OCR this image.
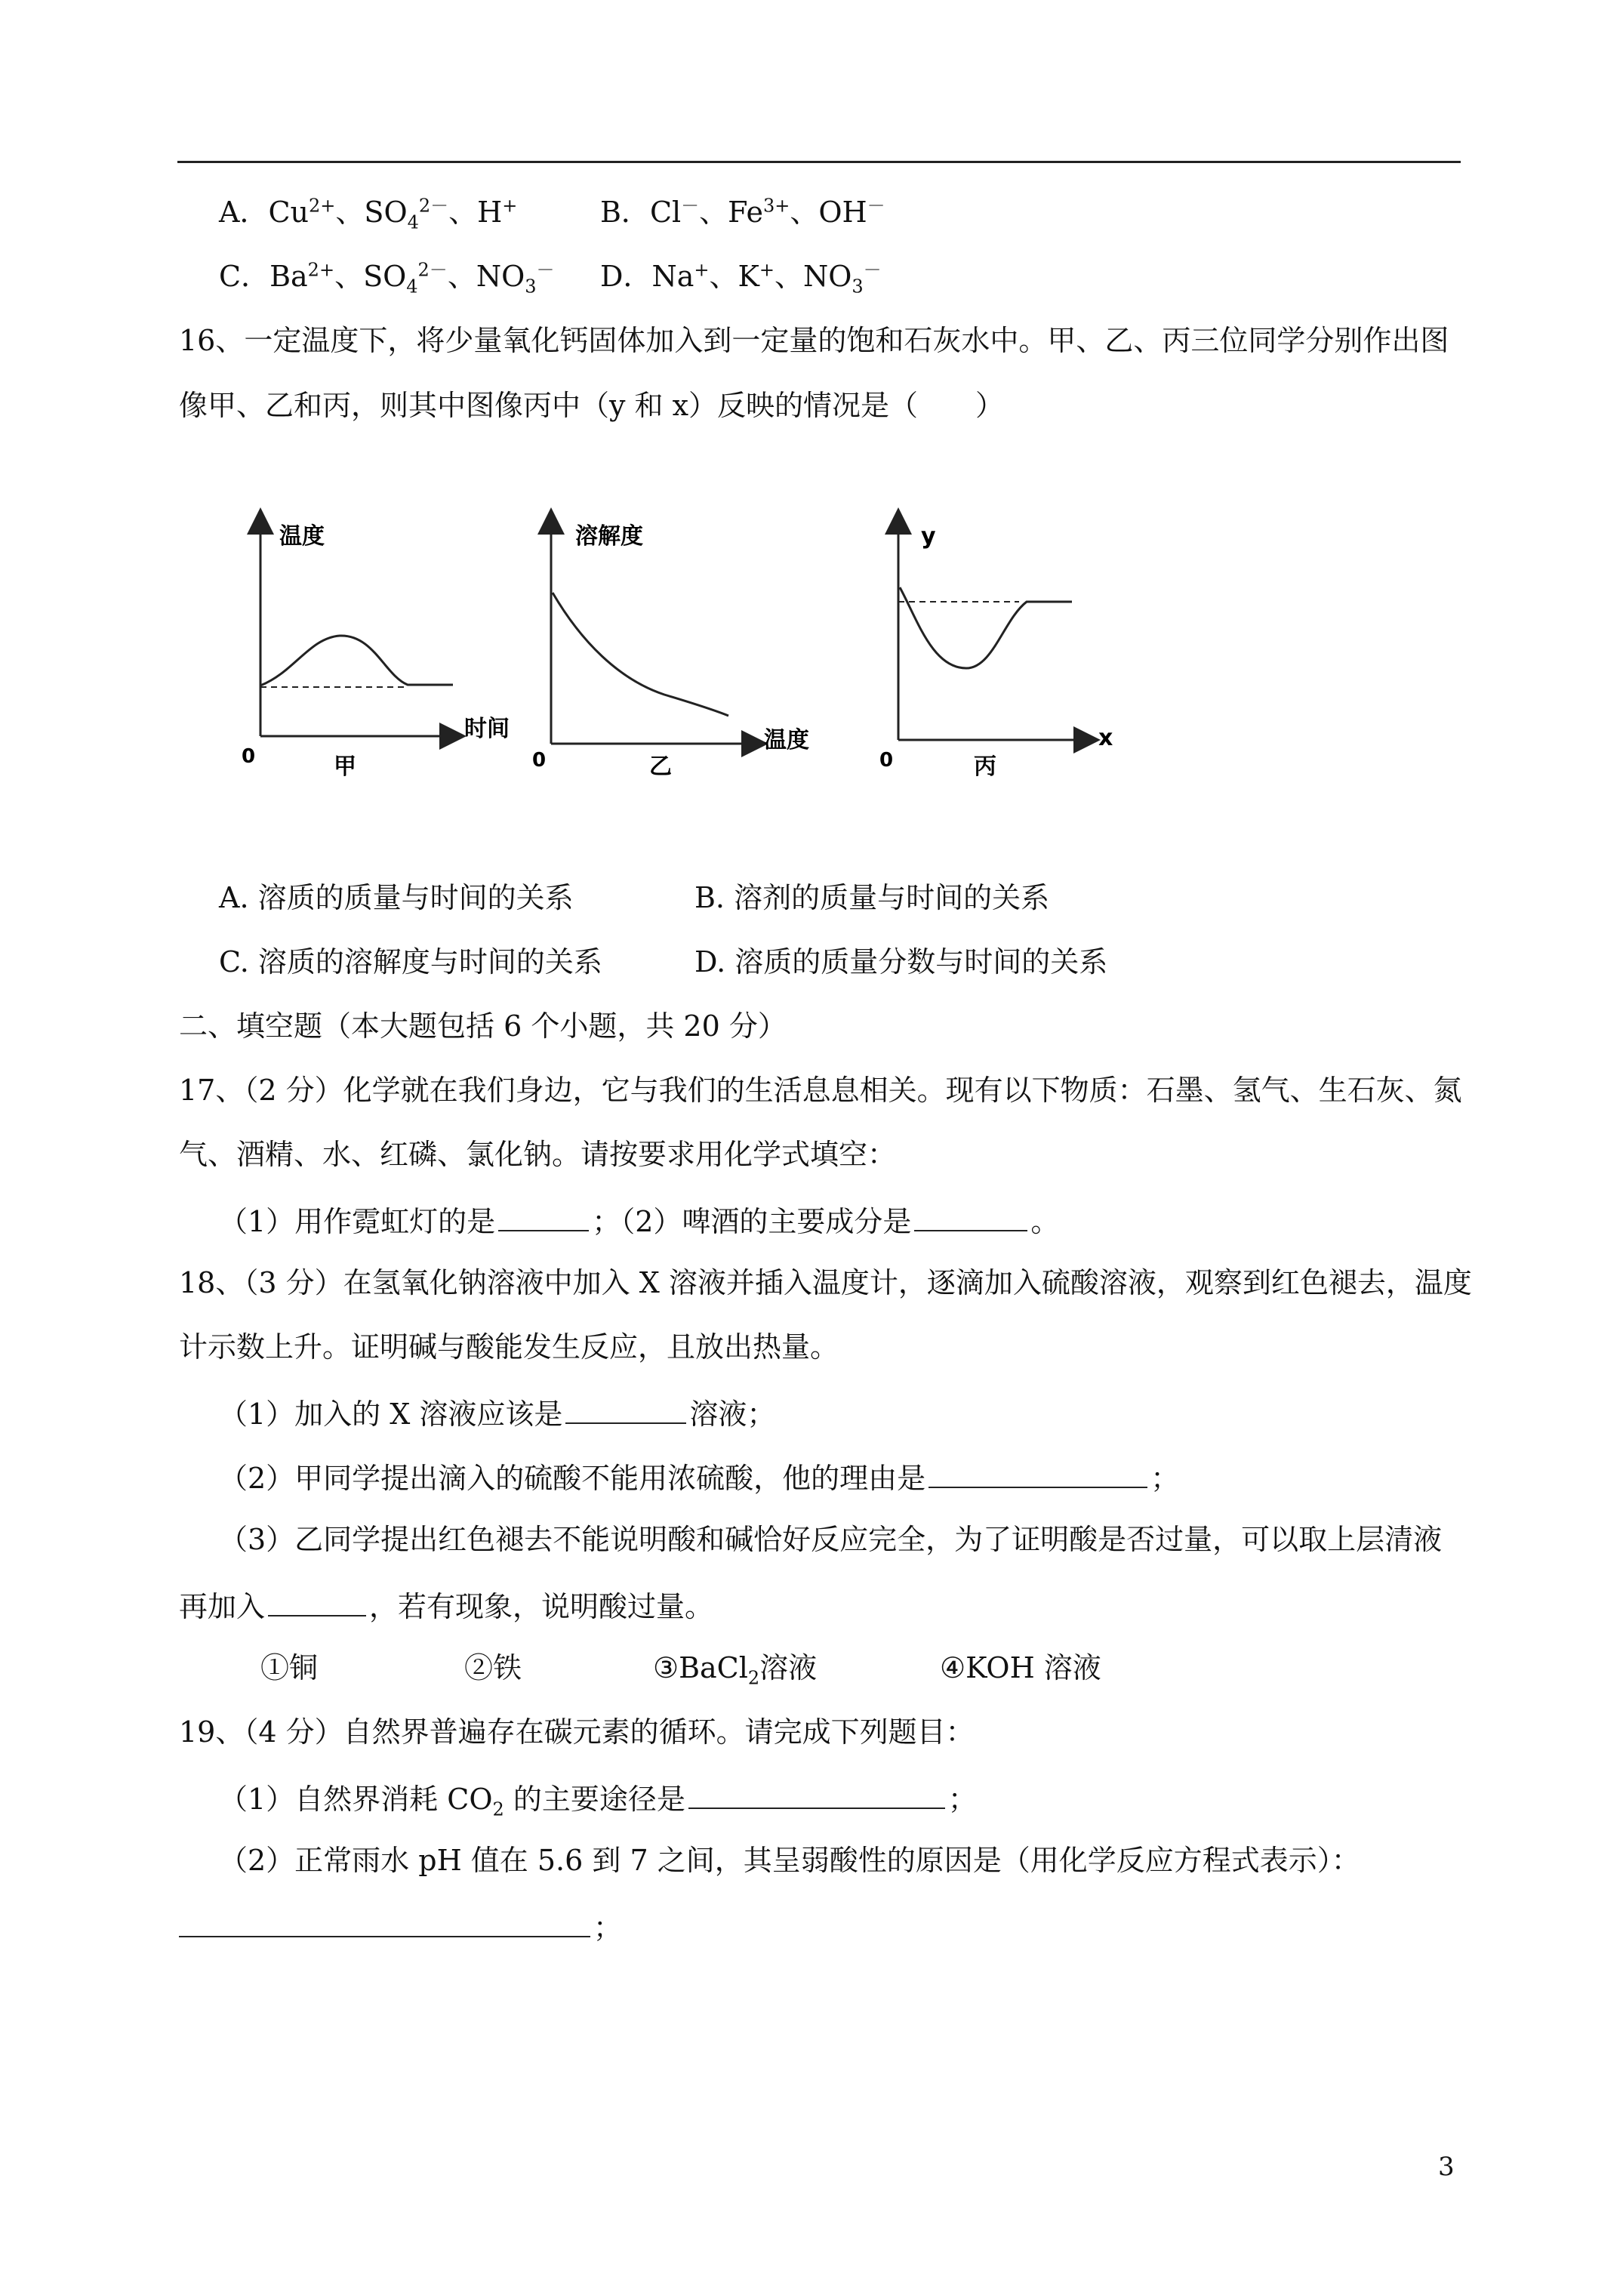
A．$Cu^{2+}$、$SO_4^{2-}$、H+	B．Cl－、$Fe^{3+}$、OH－
C．$Ba^{2+}$、$SO_4^{2-}$、$NO_3^-$ D．Na+、K+、$NO_3^-$
16、一定温度下，将少量氧化钙固体加入到一定量的饱和石灰水中。甲、乙、丙三位同学分别作出图
像甲、乙和丙，则其中图像丙中（y 和 x）反映的情况是（　　）
温度
时间
0	甲
溶解度
温度
0	乙
y
x
0	丙
A. 溶质的质量与时间的关系	B. 溶剂的质量与时间的关系
C. 溶质的溶解度与时间的关系	D. 溶质的质量分数与时间的关系
二、填空题（本大题包括 6 个小题，共 20 分）
17、（2 分）化学就在我们身边，它与我们的生活息息相关。现有以下物质：石墨、氢气、生石灰、氮
气、酒精、水、红磷、氯化钠。请按要求用化学式填空：
（1）用作霓虹灯的是	；（2）啤酒的主要成分是	。
18、（3 分）在氢氧化钠溶液中加入 X 溶液并插入温度计，逐滴加入硫酸溶液，观察到红色褪去，温度
计示数上升。证明碱与酸能发生反应，且放出热量。
（1）加入的 X 溶液应该是	溶液；
（2）甲同学提出滴入的硫酸不能用浓硫酸，他的理由是	；
（3）乙同学提出红色褪去不能说明酸和碱恰好反应完全，为了证明酸是否过量，可以取上层清液
再加入	，若有现象，说明酸过量。
①铜	②铁	③BaCl$_2$溶液	④KOH 溶液
19、（4 分）自然界普遍存在碳元素的循环。请完成下列题目：
（1）自然界消耗 $CO_2$ 的主要途径是	；
（2）正常雨水 pH 值在 5.6 到 7 之间，其呈弱酸性的原因是（用化学反应方程式表示）：
；
3
